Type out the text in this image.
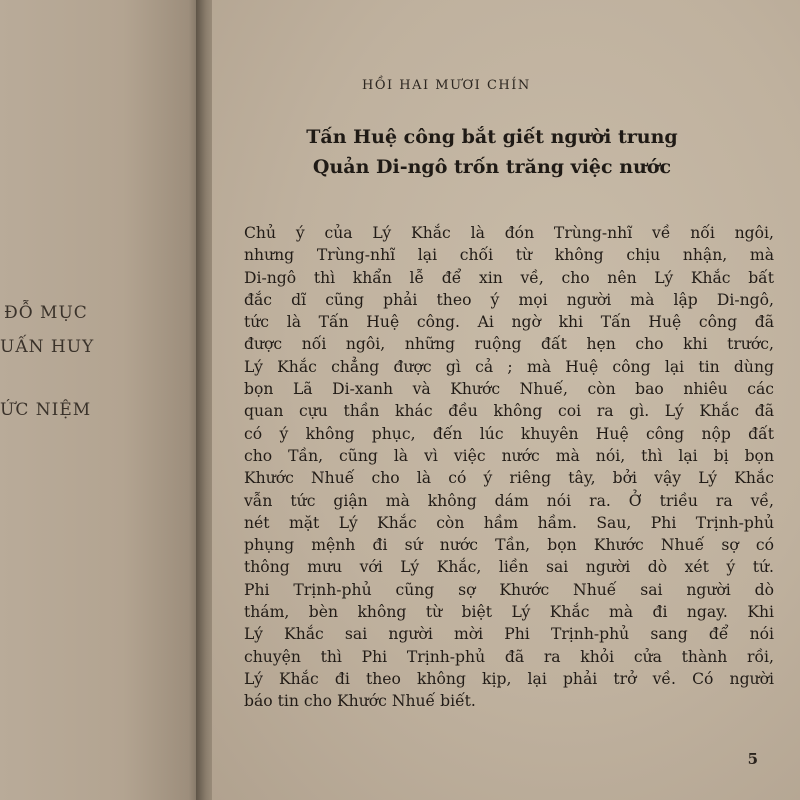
ĐỖ MỤC
UẤN HUY
ỨC NIỆM
HỒI HAI MƯƠI CHÍN
Tấn Huệ công bắt giết người trung
Quản Di-ngô trốn trăng việc nước
Chủ ý của Lý Khắc là đón Trùng-nhĩ về nối ngôi,
nhưng Trùng-nhĩ lại chối từ không chịu nhận, mà
Di-ngô thì khẩn lễ để xin về, cho nên Lý Khắc bất
đắc dĩ cũng phải theo ý mọi người mà lập Di-ngô,
tức là Tấn Huệ công. Ai ngờ khi Tấn Huệ công đã
được nối ngôi, những ruộng đất hẹn cho khi trước,
Lý Khắc chẳng được gì cả ; mà Huệ công lại tin dùng
bọn Lã Di-xanh và Khước Nhuế, còn bao nhiêu các
quan cựu thần khác đều không coi ra gì. Lý Khắc đã
có ý không phục, đến lúc khuyên Huệ công nộp đất
cho Tần, cũng là vì việc nước mà nói, thì lại bị bọn
Khước Nhuế cho là có ý riêng tây, bởi vậy Lý Khắc
vẫn tức giận mà không dám nói ra. Ở triều ra về,
nét mặt Lý Khắc còn hầm hầm. Sau, Phi Trịnh-phủ
phụng mệnh đi sứ nước Tần, bọn Khước Nhuế sợ có
thông mưu với Lý Khắc, liền sai người dò xét ý tứ.
Phi Trịnh-phủ cũng sợ Khước Nhuế sai người dò
thám, bèn không từ biệt Lý Khắc mà đi ngay. Khi
Lý Khắc sai người mời Phi Trịnh-phủ sang để nói
chuyện thì Phi Trịnh-phủ đã ra khỏi cửa thành rồi,
Lý Khắc đi theo không kịp, lại phải trở về. Có người
báo tin cho Khước Nhuế biết.
5
